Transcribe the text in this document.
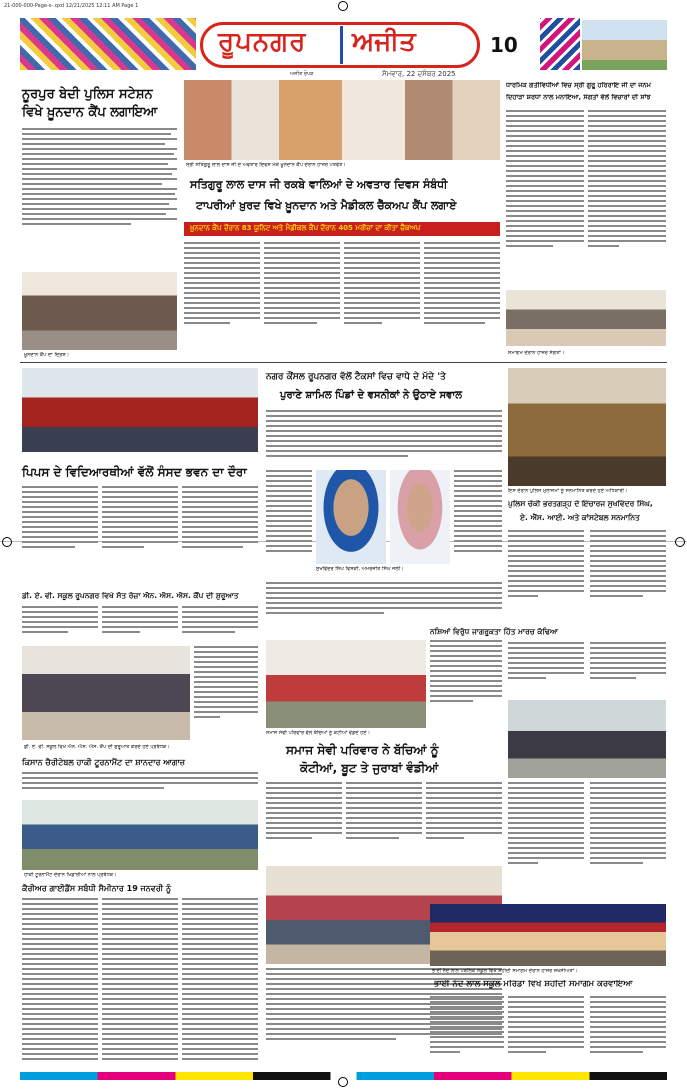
21-000-000-Page-s-.qxd 12/21/2025 12:11 AM Page 1
ਰੂਪਨਗਰ ਅਜੀਤ
ਅਜੀਤ ਰੋਪੜ	ਸੋਮਵਾਰ, 22 ਦਸੰਬਰ 2025
10
ਨੂਰਪੁਰ ਬੇਦੀ ਪੁਲਿਸ ਸਟੇਸ਼ਨ
ਵਿਖੇ ਖ਼ੂਨਦਾਨ ਕੈਂਪ ਲਗਾਇਆ
ਖ਼ੂਨਦਾਨ ਕੈਂਪ ਦਾ ਦ੍ਰਿਸ਼।
ਸ੍ਰੀ ਸਤਿਗੁਰੂ ਲਾਲ ਦਾਸ ਜੀ ਦੇ ਅਵਤਾਰ ਦਿਵਸ ਮੌਕੇ ਖ਼ੂਨਦਾਨ ਕੈਂਪ ਦੌਰਾਨ ਹਾਜ਼ਰ ਪਤਵੰਤੇ।
ਸਤਿਗੁਰੂ ਲਾਲ ਦਾਸ ਜੀ ਰਕਬੇ ਵਾਲਿਆਂ ਦੇ ਅਵਤਾਰ ਦਿਵਸ ਸੰਬੰਧੀ
ਟਾਪਰੀਆਂ ਖ਼ੁਰਦ ਵਿਖੇ ਖ਼ੂਨਦਾਨ ਅਤੇ ਮੈਡੀਕਲ ਚੈੱਕਅਪ ਕੈਂਪ ਲਗਾਏ
ਖ਼ੂਨਦਾਨ ਕੈਂਪ ਦੌਰਾਨ 83 ਯੂਨਿਟ ਅਤੇ ਮੈਡੀਕਲ ਕੈਂਪ ਦੌਰਾਨ 405 ਮਰੀਜ਼ਾਂ ਦਾ ਕੀਤਾ ਚੈੱਕਅਪ
ਧਾਰਮਿਕ ਗਤੀਵਿਧੀਆਂ ਵਿਚ ਸ੍ਰੀ ਗੁਰੂ ਹਰਿਰਾਇ ਜੀ ਦਾ ਜਨਮ
ਦਿਹਾੜਾ ਸ਼ਰਧਾ ਨਾਲ ਮਨਾਇਆ, ਸੰਗਤਾਂ ਵੱਲੋਂ ਵਿਚਾਰਾਂ ਦੀ ਸਾਂਝ
ਸਮਾਗਮ ਦੌਰਾਨ ਹਾਜ਼ਰ ਸੰਗਤਾਂ।

ਪਿਪਸ ਦੇ ਵਿਦਿਆਰਥੀਆਂ ਵੱਲੋਂ ਸੰਸਦ ਭਵਨ ਦਾ ਦੌਰਾ
ਨਗਰ ਕੌਂਸਲ ਰੂਪਨਗਰ ਵੱਲੋਂ ਟੈਕਸਾਂ ਵਿਚ ਵਾਧੇ ਦੇ ਮੱਦੇ 'ਤੇ
ਪੁਰਾਣੇ ਸ਼ਾਮਿਲ ਪਿੰਡਾਂ ਦੇ ਵਸਨੀਕਾਂ ਨੇ ਉਠਾਏ ਸਵਾਲ
ਸੁਖਵਿੰਦਰ ਸਿੰਘ ਵਿਸਕੀ, ਅਮਰਜੀਤ ਸਿੰਘ ਜੋਲੀ।
ਇਸ ਦੌਰਾਨ ਪੁਲਿਸ ਮੁਲਾਜ਼ਮਾਂ ਨੂੰ ਸਨਮਾਨਿਤ ਕਰਦੇ ਹੋਏ ਅਧਿਕਾਰੀ।
ਪੁਲਿਸ ਚੌਕੀ ਭਰਤਗੜ੍ਹ ਦੇ ਇੰਚਾਰਜ ਸੁਖਵਿੰਦਰ ਸਿੰਘ,
ਏ. ਐੱਸ. ਆਈ. ਅਤੇ ਕਾਂਸਟੇਬਲ ਸਨਮਾਨਿਤ
ਡੀ. ਏ. ਵੀ. ਸਕੂਲ ਰੂਪਨਗਰ ਵਿਖੇ ਸੱਤ ਰੋਜ਼ਾ ਐਨ. ਐਸ. ਐਸ. ਕੈਂਪ ਦੀ ਸ਼ੁਰੂਆਤ
ਡੀ. ਏ. ਵੀ. ਸਕੂਲ ਵਿਖੇ ਐਨ. ਐਸ. ਐਸ. ਕੈਂਪ ਦੀ ਸ਼ੁਰੂਆਤ ਕਰਦੇ ਹੋਏ ਪ੍ਰਬੰਧਕ।
ਸਮਾਜ ਸੇਵੀ ਪਰਿਵਾਰ ਵੱਲੋਂ ਬੱਚਿਆਂ ਨੂੰ ਕੋਟੀਆਂ ਵੰਡਦੇ ਹੋਏ।
ਸਮਾਜ ਸੇਵੀ ਪਰਿਵਾਰ ਨੇ ਬੱਚਿਆਂ ਨੂੰ
ਕੋਟੀਆਂ, ਬੂਟ ਤੇ ਜੁਰਾਬਾਂ ਵੰਡੀਆਂ
ਨਸ਼ਿਆਂ ਵਿਰੁੱਧ ਜਾਗਰੂਕਤਾ ਹਿੱਤ ਮਾਰਚ ਕੱਢਿਆ
ਹਾਕੀ ਟੂਰਨਾਮੈਂਟ ਦੌਰਾਨ ਖਿਡਾਰੀਆਂ ਨਾਲ ਪ੍ਰਬੰਧਕ।
ਕਿਸਾਨ ਚੈਰੀਟੇਬਲ ਹਾਕੀ ਟੂਰਨਾਮੈਂਟ ਦਾ ਸ਼ਾਨਦਾਰ ਆਗਾਜ਼
ਕੈਰੀਅਰ ਗਾਈਡੈਂਸ ਸਬੰਧੀ ਸੈਮੀਨਾਰ 19 ਜਨਵਰੀ ਨੂੰ
ਭਾਈ ਨੰਦ ਲਾਲ ਪਬਲਿਕ ਸਕੂਲ ਵਿਖੇ ਸ਼ਹੀਦੀ ਸਮਾਗਮ ਦੌਰਾਨ ਹਾਜ਼ਰ ਸ਼ਖ਼ਸੀਅਤਾਂ।
ਭਾਈ ਨੰਦ ਲਾਲ ਸਕੂਲ ਮੋਰਿੰਡਾ ਵਿਖੇ ਸ਼ਹੀਦੀ ਸਮਾਗਮ ਕਰਵਾਇਆ
